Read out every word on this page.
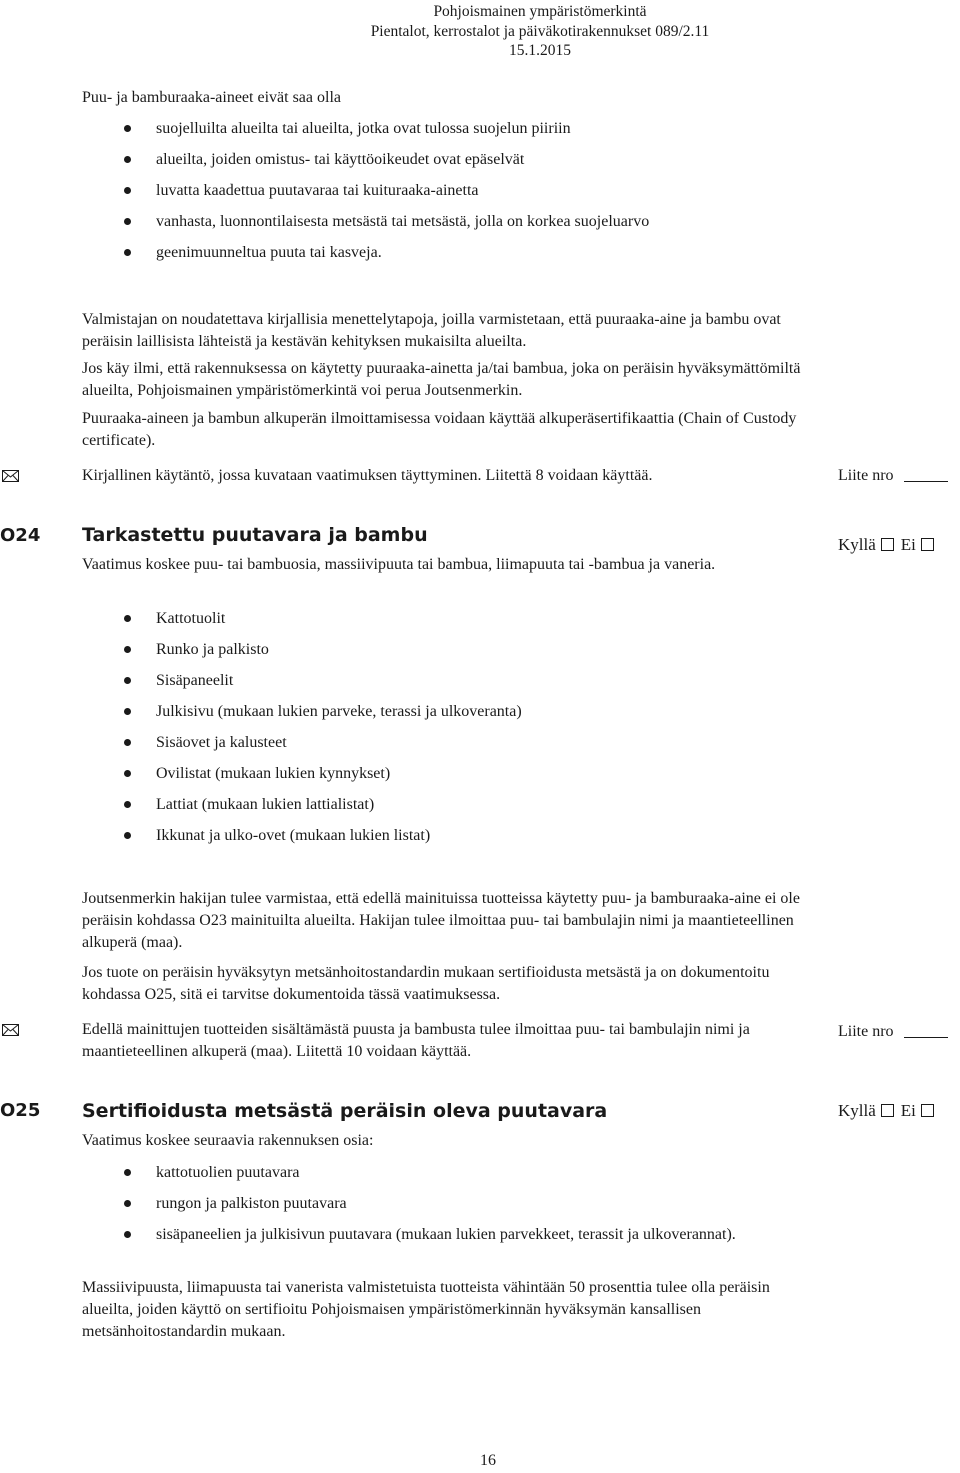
Pohjoismainen ympäristömerkintä
Pientalot, kerrostalot ja päiväkotirakennukset 089/2.11
15.1.2015
Puu- ja bamburaaka-aineet eivät saa olla
suojelluilta alueilta tai alueilta, jotka ovat tulossa suojelun piiriin
alueilta, joiden omistus- tai käyttöoikeudet ovat epäselvät
luvatta kaadettua puutavaraa tai kuituraaka-ainetta
vanhasta, luonnontilaisesta metsästä tai metsästä, jolla on korkea suojeluarvo
geenimuunneltua puuta tai kasveja.
Valmistajan on noudatettava kirjallisia menettelytapoja, joilla varmistetaan, että puuraaka-aine ja bambu ovat peräisin laillisista lähteistä ja kestävän kehityksen mukaisilta alueilta.
Jos käy ilmi, että rakennuksessa on käytetty puuraaka-ainetta ja/tai bambua, joka on peräisin hyväksymättömiltä alueilta, Pohjoismainen ympäristömerkintä voi perua Joutsenmerkin.
Puuraaka-aineen ja bambun alkuperän ilmoittamisessa voidaan käyttää alkuperäsertifikaattia (Chain of Custody certificate).
Kirjallinen käytäntö, jossa kuvataan vaatimuksen täyttyminen. Liitettä 8 voidaan käyttää.	Liite nro
O24 Tarkastettu puutavara ja bambu	Kyllä Ei
Vaatimus koskee puu- tai bambuosia, massiivipuuta tai bambua, liimapuuta tai -bambua ja vaneria.
Kattotuolit
Runko ja palkisto
Sisäpaneelit
Julkisivu (mukaan lukien parveke, terassi ja ulkoveranta)
Sisäovet ja kalusteet
Ovilistat (mukaan lukien kynnykset)
Lattiat (mukaan lukien lattialistat)
Ikkunat ja ulko-ovet (mukaan lukien listat)
Joutsenmerkin hakijan tulee varmistaa, että edellä mainituissa tuotteissa käytetty puu- ja bamburaaka-aine ei ole peräisin kohdassa O23 mainituilta alueilta. Hakijan tulee ilmoittaa puu- tai bambulajin nimi ja maantieteellinen alkuperä (maa).
Jos tuote on peräisin hyväksytyn metsänhoitostandardin mukaan sertifioidusta metsästä ja on dokumentoitu kohdassa O25, sitä ei tarvitse dokumentoida tässä vaatimuksessa.
Edellä mainittujen tuotteiden sisältämästä puusta ja bambusta tulee ilmoittaa puu- tai bambulajin nimi ja maantieteellinen alkuperä (maa). Liitettä 10 voidaan käyttää.
Liite nro
O25 Sertifioidusta metsästä peräisin oleva puutavara	Kyllä Ei
Vaatimus koskee seuraavia rakennuksen osia:
kattotuolien puutavara
rungon ja palkiston puutavara
sisäpaneelien ja julkisivun puutavara (mukaan lukien parvekkeet, terassit ja ulkoverannat).
Massiivipuusta, liimapuusta tai vanerista valmistetuista tuotteista vähintään 50 prosenttia tulee olla peräisin alueilta, joiden käyttö on sertifioitu Pohjoismaisen ympäristömerkinnän hyväksymän kansallisen metsänhoitostandardin mukaan.
16
